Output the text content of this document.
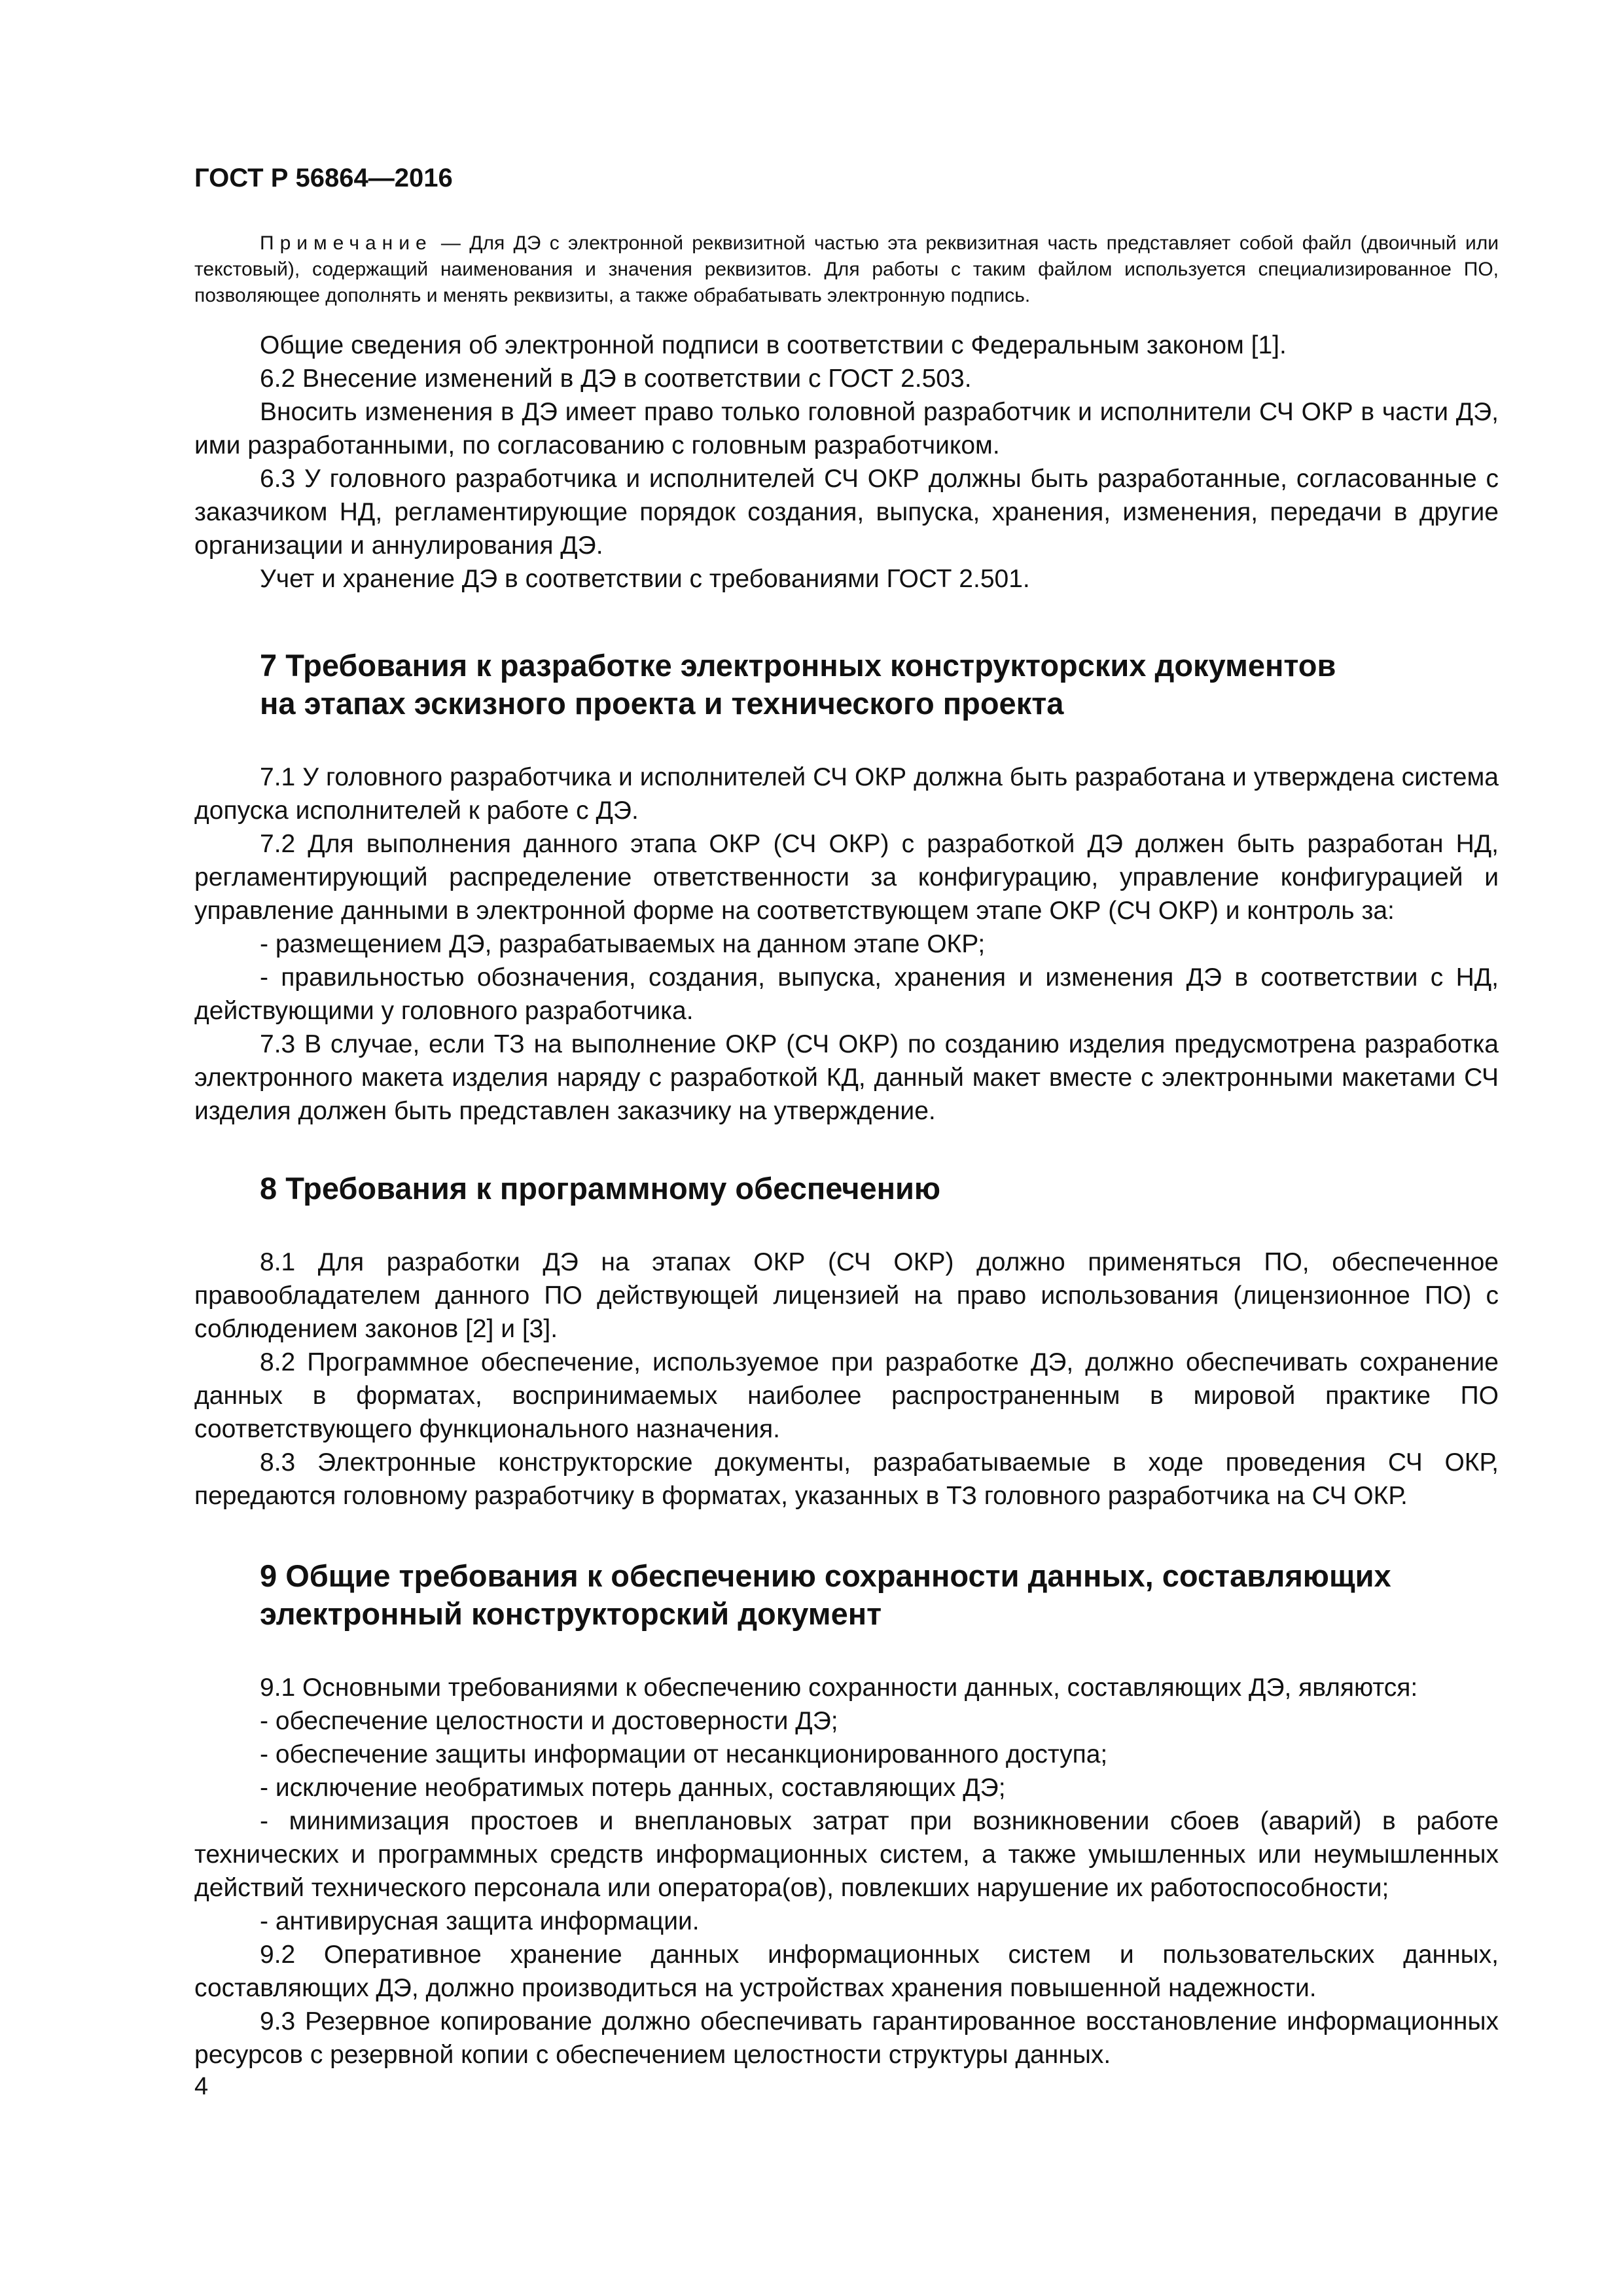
ГОСТ Р 56864—2016
Примечание — Для ДЭ с электронной реквизитной частью эта реквизитная часть представляет собой файл (двоичный или текстовый), содержащий наименования и значения реквизитов. Для работы с таким файлом используется специализированное ПО, позволяющее дополнять и менять реквизиты, а также обрабатывать электронную подпись.

Общие сведения об электронной подписи в соответствии с Федеральным законом [1].

6.2 Внесение изменений в ДЭ в соответствии с ГОСТ 2.503.

Вносить изменения в ДЭ имеет право только головной разработчик и исполнители СЧ ОКР в части ДЭ, ими разработанными, по согласованию с головным разработчиком.

6.3 У головного разработчика и исполнителей СЧ ОКР должны быть разработанные, согласованные с заказчиком НД, регламентирующие порядок создания, выпуска, хранения, изменения, передачи в другие организации и аннулирования ДЭ.

Учет и хранение ДЭ в соответствии с требованиями ГОСТ 2.501.

7 Требования к разработке электронных конструкторских документов
на этапах эскизного проекта и технического проекта

7.1 У головного разработчика и исполнителей СЧ ОКР должна быть разработана и утверждена система допуска исполнителей к работе с ДЭ.

7.2 Для выполнения данного этапа ОКР (СЧ ОКР) с разработкой ДЭ должен быть разработан НД, регламентирующий распределение ответственности за конфигурацию, управление конфигурацией и управление данными в электронной форме на соответствующем этапе ОКР (СЧ ОКР) и контроль за:

- размещением ДЭ, разрабатываемых на данном этапе ОКР;

- правильностью обозначения, создания, выпуска, хранения и изменения ДЭ в соответствии с НД, действующими у головного разработчика.

7.3 В случае, если ТЗ на выполнение ОКР (СЧ ОКР) по созданию изделия предусмотрена разработка электронного макета изделия наряду с разработкой КД, данный макет вместе с электронными макетами СЧ изделия должен быть представлен заказчику на утверждение.

8 Требования к программному обеспечению

8.1 Для разработки ДЭ на этапах ОКР (СЧ ОКР) должно применяться ПО, обеспеченное правообладателем данного ПО действующей лицензией на право использования (лицензионное ПО) с соблюдением законов [2] и [3].

8.2 Программное обеспечение, используемое при разработке ДЭ, должно обеспечивать сохранение данных в форматах, воспринимаемых наиболее распространенным в мировой практике ПО соответствующего функционального назначения.

8.3 Электронные конструкторские документы, разрабатываемые в ходе проведения СЧ ОКР, передаются головному разработчику в форматах, указанных в ТЗ головного разработчика на СЧ ОКР.

9 Общие требования к обеспечению сохранности данных, составляющих
электронный конструкторский документ

9.1 Основными требованиями к обеспечению сохранности данных, составляющих ДЭ, являются:

- обеспечение целостности и достоверности ДЭ;

- обеспечение защиты информации от несанкционированного доступа;

- исключение необратимых потерь данных, составляющих ДЭ;

- минимизация простоев и внеплановых затрат при возникновении сбоев (аварий) в работе технических и программных средств информационных систем, а также умышленных или неумышленных действий технического персонала или оператора(ов), повлекших нарушение их работоспособности;

- антивирусная защита информации.

9.2 Оперативное хранение данных информационных систем и пользовательских данных, составляющих ДЭ, должно производиться на устройствах хранения повышенной надежности.

9.3 Резервное копирование должно обеспечивать гарантированное восстановление информационных ресурсов с резервной копии с обеспечением целостности структуры данных.

4
